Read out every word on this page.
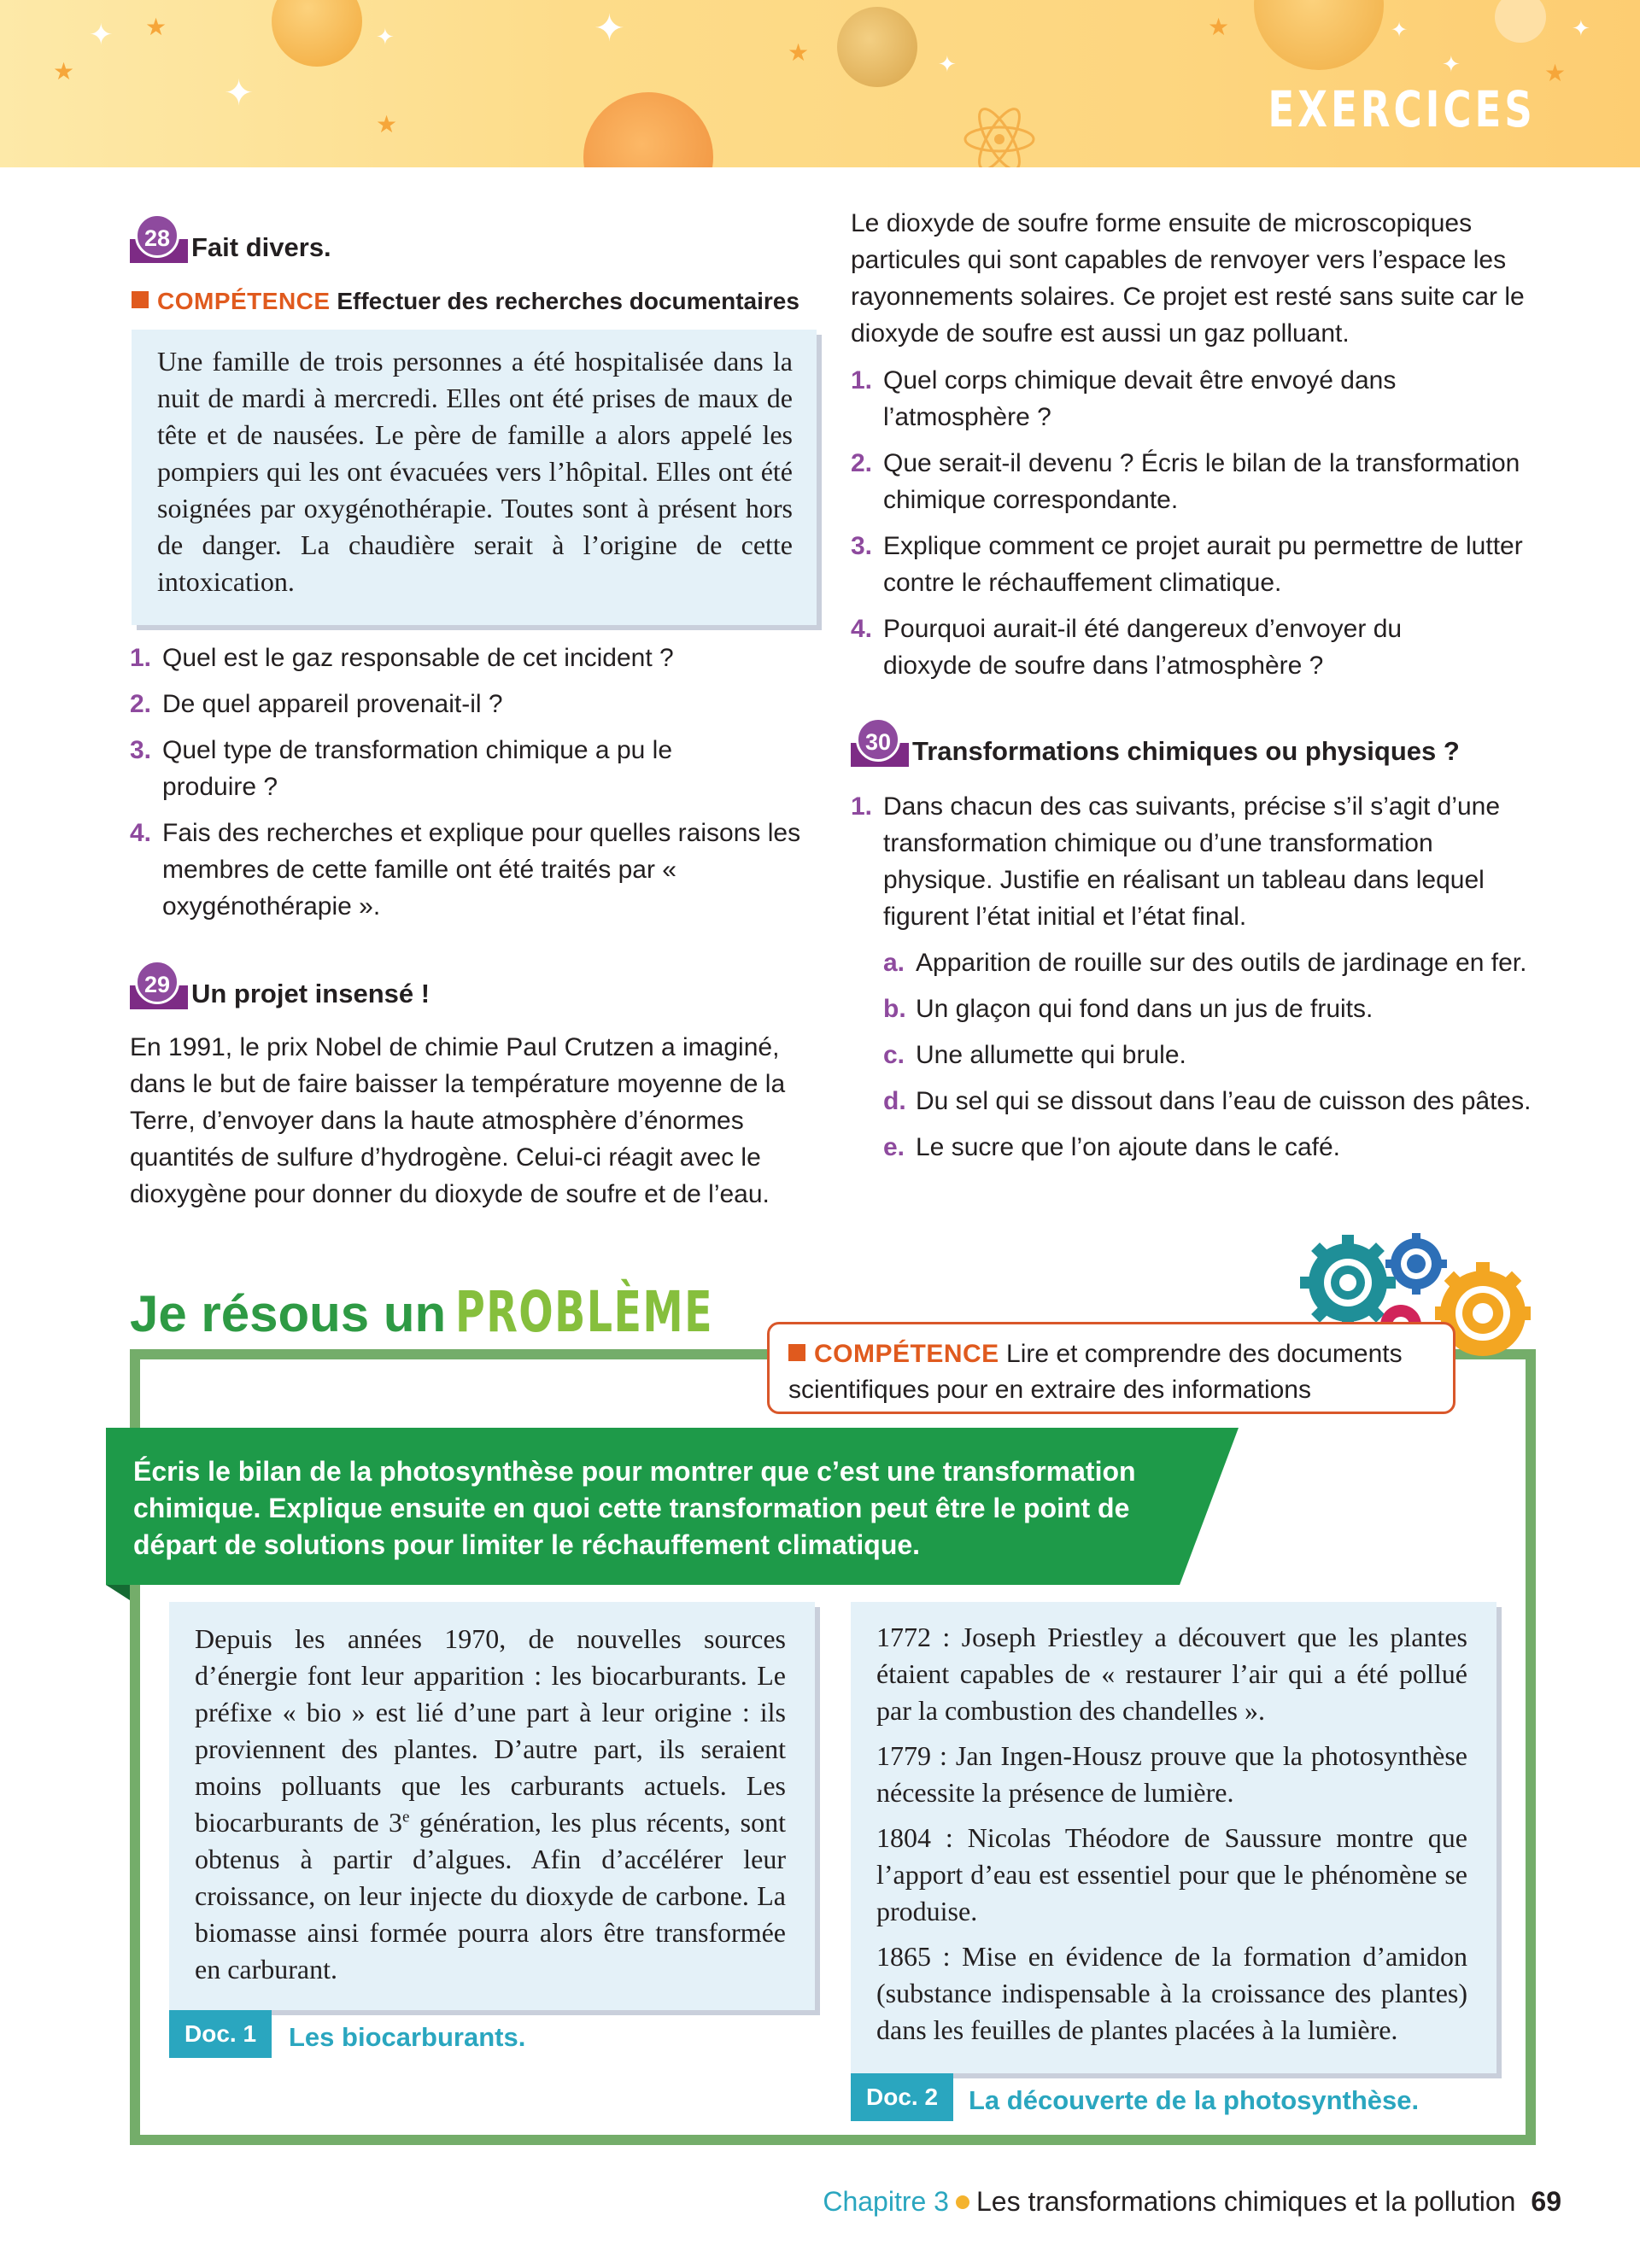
✦
★
★
✦
✦
★
✦
★	✦
★	✦
✦	★
✦
EXERCICES
28 Fait divers.
COMPÉTENCE Effectuer des recherches documentaires

Une famille de trois personnes a été hospitalisée dans la nuit de mardi à mercredi. Elles ont été prises de maux de tête et de nausées. Le père de famille a alors appelé les pompiers qui les ont évacuées vers l’hôpital. Elles ont été soignées par oxygénothérapie. Toutes sont à présent hors de danger. La chaudière serait à l’origine de cette intoxication.

1. Quel est le gaz responsable de cet incident ?
2. De quel appareil provenait-il ?
3. Quel type de transformation chimique a pu le produire ?
4. Fais des recherches et explique pour quelles raisons les membres de cette famille ont été traités par « oxygénothérapie ».
29 Un projet insensé !

En 1991, le prix Nobel de chimie Paul Crutzen a imaginé, dans le but de faire baisser la température moyenne de la Terre, d’envoyer dans la haute atmosphère d’énormes quantités de sulfure d’hydrogène. Celui-ci réagit avec le dioxygène pour donner du dioxyde de soufre et de l’eau.

Le dioxyde de soufre forme ensuite de microscopiques particules qui sont capables de renvoyer vers l’espace les rayonnements solaires. Ce projet est resté sans suite car le dioxyde de soufre est aussi un gaz polluant.

1. Quel corps chimique devait être envoyé dans l’atmosphère ?
2. Que serait-il devenu ? Écris le bilan de la transformation chimique correspondante.
3. Explique comment ce projet aurait pu permettre de lutter contre le réchauffement climatique.
4. Pourquoi aurait-il été dangereux d’envoyer du dioxyde de soufre dans l’atmosphère ?
30 Transformations chimiques ou physiques ?
1. Dans chacun des cas suivants, précise s’il s’agit d’une transformation chimique ou d’une transformation physique. Justifie en réalisant un tableau dans lequel figurent l’état initial et l’état final.
a. Apparition de rouille sur des outils de jardinage en fer.
b. Un glaçon qui fond dans un jus de fruits.
c. Une allumette qui brule.
d. Du sel qui se dissout dans l’eau de cuisson des pâtes.
e. Le sucre que l’on ajoute dans le café.
Je résous un PROBLÈME
COMPÉTENCE Lire et comprendre des documents scientifiques pour en extraire des informations

Écris le bilan de la photosynthèse pour montrer que c’est une transformation chimique. Explique ensuite en quoi cette transformation peut être le point de départ de solutions pour limiter le réchauffement climatique.

Depuis les années 1970, de nouvelles sources d’énergie font leur apparition : les biocarburants. Le préfixe « bio » est lié d’une part à leur origine : ils proviennent des plantes. D’autre part, ils seraient moins polluants que les carburants actuels. Les biocarburants de 3e génération, les plus récents, sont obtenus à partir d’algues. Afin d’accélérer leur croissance, on leur injecte du dioxyde de carbone. La biomasse ainsi formée pourra alors être transformée en carburant.

Doc. 1	Les biocarburants.

1772 : Joseph Priestley a découvert que les plantes étaient capables de « restaurer l’air qui a été pollué par la combustion des chandelles ».

1779 : Jan Ingen-Housz prouve que la photosynthèse nécessite la présence de lumière.

1804 : Nicolas Théodore de Saussure montre que l’apport d’eau est essentiel pour que le phénomène se produise.

1865 : Mise en évidence de la formation d’amidon (substance indispensable à la croissance des plantes) dans les feuilles de plantes placées à la lumière.

Doc. 2	La découverte de la photosynthèse.
Chapitre 3 Les transformations chimiques et la pollution 69
